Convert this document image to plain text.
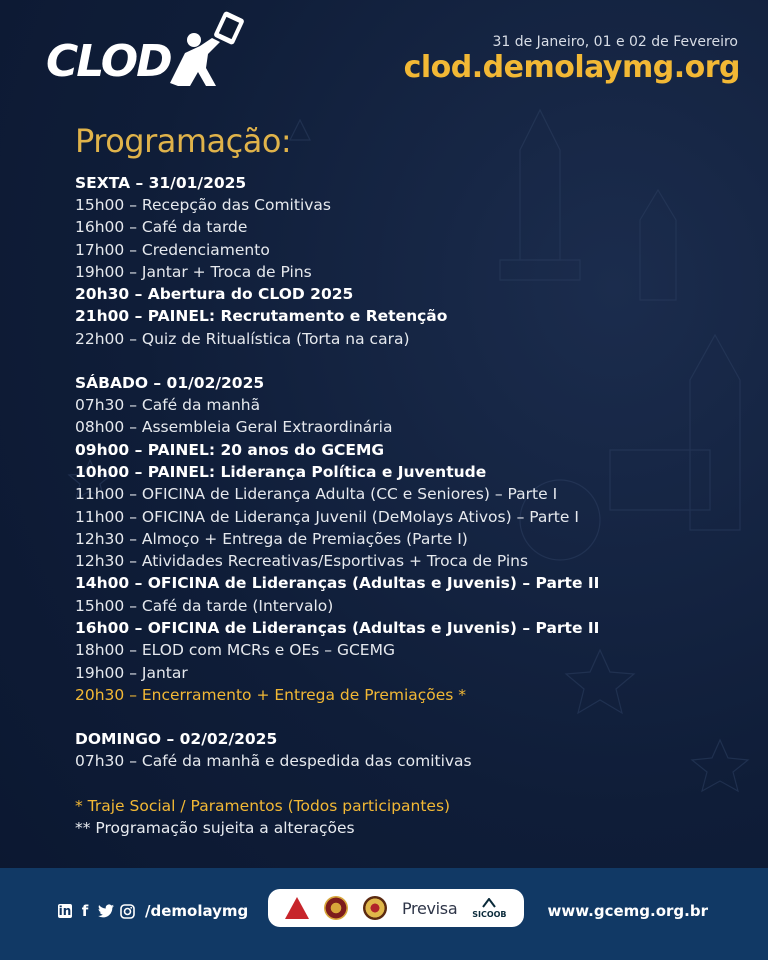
CLOD	31 de Janeiro, 01 e 02 de Fevereiro
clod.demolaymg.org
Programação:
SEXTA – 31/01/2025
15h00 – Recepção das Comitivas
16h00 – Café da tarde
17h00 – Credenciamento
19h00 – Jantar + Troca de Pins
20h30 – Abertura do CLOD 2025
21h00 – PAINEL: Recrutamento e Retenção
22h00 – Quiz de Ritualística (Torta na cara)
SÁBADO – 01/02/2025
07h30 – Café da manhã
08h00 – Assembleia Geral Extraordinária
09h00 – PAINEL: 20 anos do GCEMG
10h00 – PAINEL: Liderança Política e Juventude
11h00 – OFICINA de Liderança Adulta (CC e Seniores) – Parte I
11h00 – OFICINA de Liderança Juvenil (DeMolays Ativos) – Parte I
12h30 – Almoço + Entrega de Premiações (Parte I)
12h30 – Atividades Recreativas/Esportivas + Troca de Pins
14h00 – OFICINA de Lideranças (Adultas e Juvenis) – Parte II
15h00 – Café da tarde (Intervalo)
16h00 – OFICINA de Lideranças (Adultas e Juvenis) – Parte II
18h00 – ELOD com MCRs e OEs – GCEMG
19h00 – Jantar
20h30 – Encerramento + Entrega de Premiações *
DOMINGO – 02/02/2025
07h30 – Café da manhã e despedida das comitivas
* Traje Social / Paramentos (Todos participantes)
** Programação sujeita a alterações
in f	/demolaymg	Previsa SICOOB	www.gcemg.org.br
